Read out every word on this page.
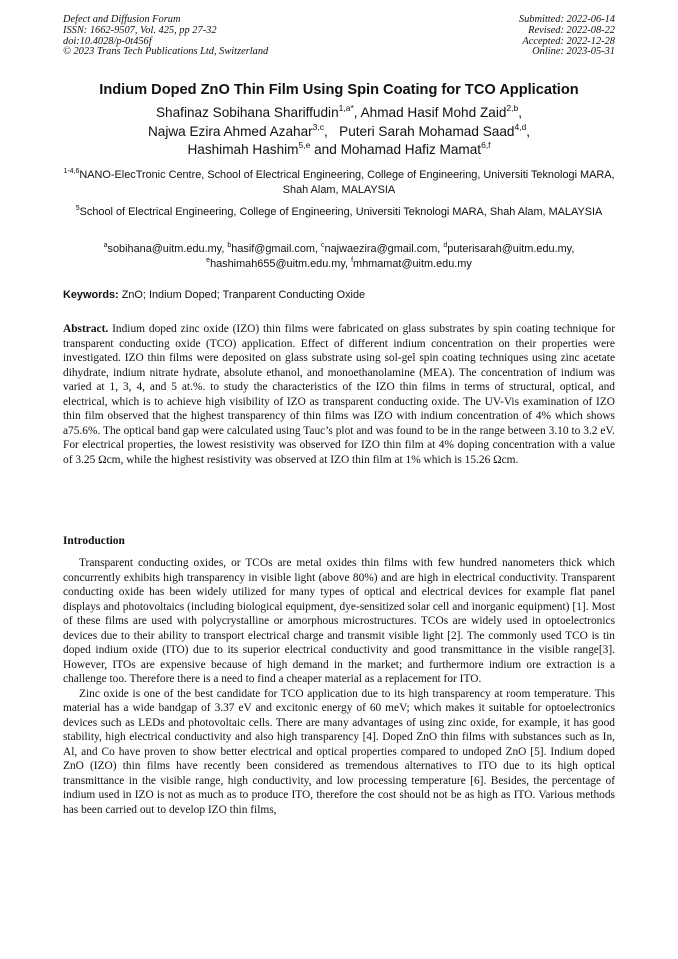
Defect and Diffusion Forum
ISSN: 1662-9507, Vol. 425, pp 27-32
doi:10.4028/p-0t456f
© 2023 Trans Tech Publications Ltd, Switzerland
Submitted: 2022-06-14
Revised: 2022-08-22
Accepted: 2022-12-28
Online: 2023-05-31
Indium Doped ZnO Thin Film Using Spin Coating for TCO Application
Shafinaz Sobihana Shariffudin$^{1,a*}$, Ahmad Hasif Mohd Zaid$^{2,b}$,
Najwa Ezira Ahmed Azahar$^{3,c}$,   Puteri Sarah Mohamad Saad$^{4,d}$,
Hashimah Hashim$^{5,e}$ and Mohamad Hafiz Mamat$^{6,f}$
$^{1-4,6}$NANO-ElecTronic Centre, School of Electrical Engineering, College of Engineering, Universiti Teknologi MARA, Shah Alam, MALAYSIA
$^5$School of Electrical Engineering, College of Engineering, Universiti Teknologi MARA, Shah Alam, MALAYSIA
$^a$sobihana@uitm.edu.my, $^b$hasif@gmail.com, $^c$najwaezira@gmail.com, $^d$puterisarah@uitm.edu.my,
$^e$hashimah655@uitm.edu.my, $^f$mhmamat@uitm.edu.my
Keywords: ZnO; Indium Doped; Tranparent Conducting Oxide
Abstract. Indium doped zinc oxide (IZO) thin films were fabricated on glass substrates by spin coating technique for transparent conducting oxide (TCO) application. Effect of different indium concentration on their properties were investigated. IZO thin films were deposited on glass substrate using sol-gel spin coating techniques using zinc acetate dihydrate, indium nitrate hydrate, absolute ethanol, and monoethanolamine (MEA). The concentration of indium was varied at 1, 3, 4, and 5 at.%. to study the characteristics of the IZO thin films in terms of structural, optical, and electrical, which is to achieve high visibility of IZO as transparent conducting oxide. The UV-Vis examination of IZO thin film observed that the highest transparency of thin films was IZO with indium concentration of 4% which shows a75.6%. The optical band gap were calculated using Tauc’s plot and was found to be in the range between 3.10 to 3.2 eV. For electrical properties, the lowest resistivity was observed for IZO thin film at 4% doping concentration with a value of 3.25 Ωcm, while the highest resistivity was observed at IZO thin film at 1% which is 15.26 Ωcm.
Introduction

Transparent conducting oxides, or TCOs are metal oxides thin films with few hundred nanometers thick which concurrently exhibits high transparency in visible light (above 80%) and are high in electrical conductivity. Transparent conducting oxide has been widely utilized for many types of optical and electrical devices for example flat panel displays and photovoltaics (including biological equipment, dye-sensitized solar cell and inorganic equipment) [1]. Most of these films are used with polycrystalline or amorphous microstructures. TCOs are widely used in optoelectronics devices due to their ability to transport electrical charge and transmit visible light [2]. The commonly used TCO is tin doped indium oxide (ITO) due to its superior electrical conductivity and good transmittance in the visible range[3]. However, ITOs are expensive because of high demand in the market; and furthermore indium ore extraction is a challenge too. Therefore there is a need to find a cheaper material as a replacement for ITO.

Zinc oxide is one of the best candidate for TCO application due to its high transparency at room temperature. This material has a wide bandgap of 3.37 eV and excitonic energy of 60 meV; which makes it suitable for optoelectronics devices such as LEDs and photovoltaic cells. There are many advantages of using zinc oxide, for example, it has good stability, high electrical conductivity and also high transparency [4]. Doped ZnO thin films with substances such as In, Al, and Co have proven to show better electrical and optical properties compared to undoped ZnO [5]. Indium doped ZnO (IZO) thin films have recently been considered as tremendous alternatives to ITO due to its high optical transmittance in the visible range, high conductivity, and low processing temperature [6]. Besides, the percentage of indium used in IZO is not as much as to produce ITO, therefore the cost should not be as high as ITO. Various methods has been carried out to develop IZO thin films,
